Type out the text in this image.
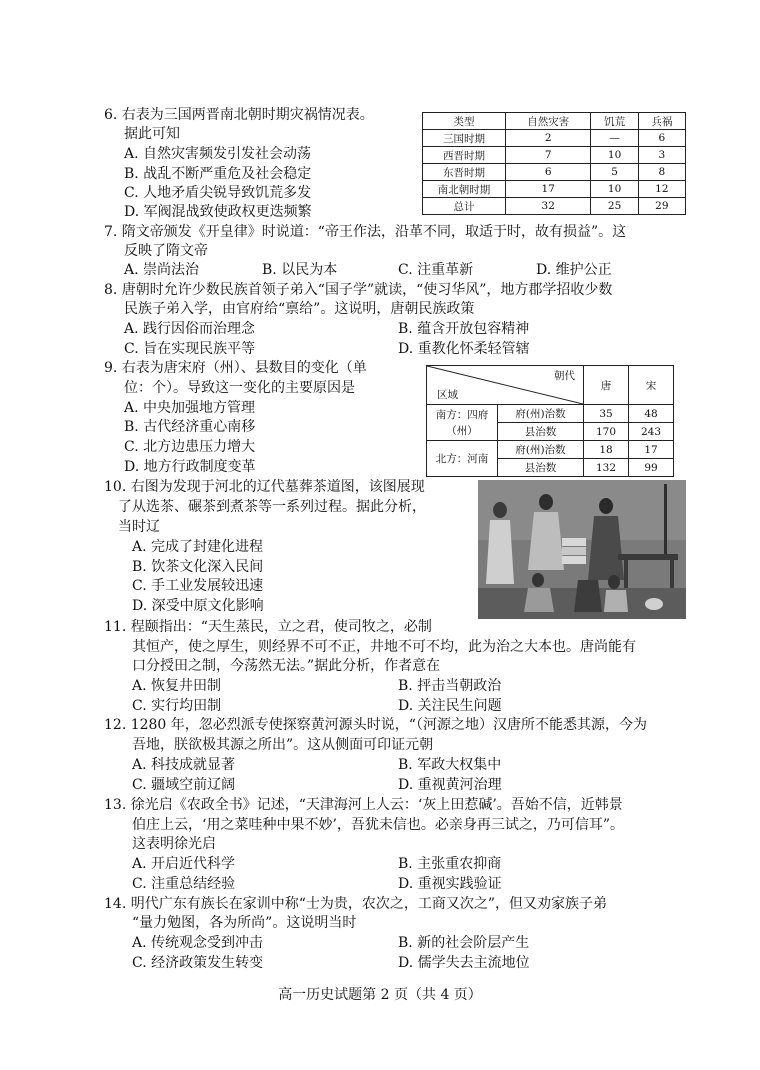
6. 右表为三国两晋南北朝时期灾祸情况表。
据此可知
A. 自然灾害频发引发社会动荡
B. 战乱不断严重危及社会稳定
C. 人地矛盾尖锐导致饥荒多发
D. 军阀混战致使政权更迭频繁
类型	自然灾害	饥荒	兵祸
三国时期	2	—	6
西晋时期	7	10	3
东晋时期	6	5	8
南北朝时期	17	10	12
总计	32	25	29
7. 隋文帝颁发《开皇律》时说道：“帝王作法，沿革不同，取适于时，故有损益”。这
反映了隋文帝
A. 崇尚法治	B. 以民为本	C. 注重革新	D. 维护公正
8. 唐朝时允许少数民族首领子弟入“国子学”就读，“使习华风”，地方郡学招收少数
民族子弟入学，由官府给“禀给”。这说明，唐朝民族政策
A. 践行因俗而治理念	B. 蕴含开放包容精神
C. 旨在实现民族平等	D. 重教化怀柔轻管辖
9. 右表为唐宋府（州）、县数目的变化（单
位：个）。导致这一变化的主要原因是
A. 中央加强地方管理
B. 古代经济重心南移
C. 北方边患压力增大
D. 地方行政制度变革
朝代
区域		唐	宋

南方：四府
（州）	府(州)治数	35	48
	县治数	170	243
北方：河南	府(州)治数	18	17
	县治数	132	99
10. 右图为发现于河北的辽代墓葬茶道图，该图展现
了从选茶、碾茶到煮茶等一系列过程。据此分析，
当时辽
A. 完成了封建化进程
B. 饮茶文化深入民间
C. 手工业发展较迅速
D. 深受中原文化影响
11. 程颐指出：“天生蒸民，立之君，使司牧之，必制
其恒产，使之厚生，则经界不可不正，井地不可不均，此为治之大本也。唐尚能有
口分授田之制，今荡然无法。”据此分析，作者意在
A. 恢复井田制	B. 抨击当朝政治
C. 实行均田制	D. 关注民生问题
12. 1280 年，忽必烈派专使探察黄河源头时说，“（河源之地）汉唐所不能悉其源，今为
吾地，朕欲极其源之所出”。这从侧面可印证元朝
A. 科技成就显著	B. 军政大权集中
C. 疆域空前辽阔	D. 重视黄河治理
13. 徐光启《农政全书》记述，“天津海河上人云：‘灰上田惹碱’。吾始不信，近韩景
伯庄上云，‘用之菜哇种中果不妙’，吾犹未信也。必亲身再三试之，乃可信耳”。
这表明徐光启
A. 开启近代科学	B. 主张重农抑商
C. 注重总结经验	D. 重视实践验证
14. 明代广东有族长在家训中称“士为贵，农次之，工商又次之”，但又劝家族子弟
“量力勉图，各为所尚”。这说明当时
A. 传统观念受到冲击	B. 新的社会阶层产生
C. 经济政策发生转变	D. 儒学失去主流地位
高一历史试题第 2 页（共 4 页）
